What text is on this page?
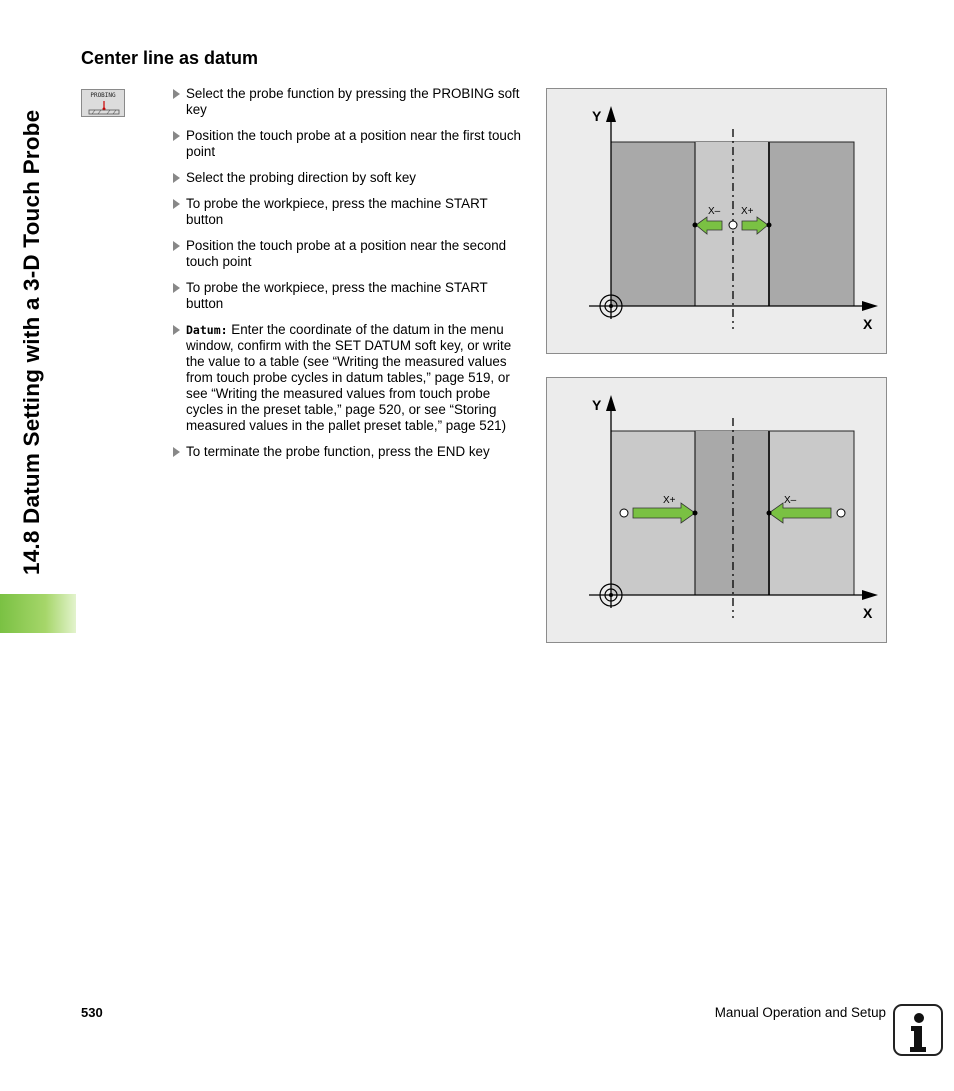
14.8 Datum Setting with a 3-D Touch Probe
Center line as datum
PROBING	Select the probe function by pressing the PROBING soft key
Position the touch probe at a position near the first touch point
Select the probing direction by soft key
To probe the workpiece, press the machine START button
Position the touch probe at a position near the second touch point
To probe the workpiece, press the machine START button
Datum: Enter the coordinate of the datum in the menu window, confirm with the SET DATUM soft key, or write the value to a table (see “Writing the measured values from touch probe cycles in datum tables,” page 519, or see “Writing the measured values from touch probe cycles in the preset table,” page 520, or see “Storing measured values in the pallet preset table,” page 521)
To terminate the probe function, press the END key
Y
X
X– X+
Y
X
X+	X–
530	Manual Operation and Setup
